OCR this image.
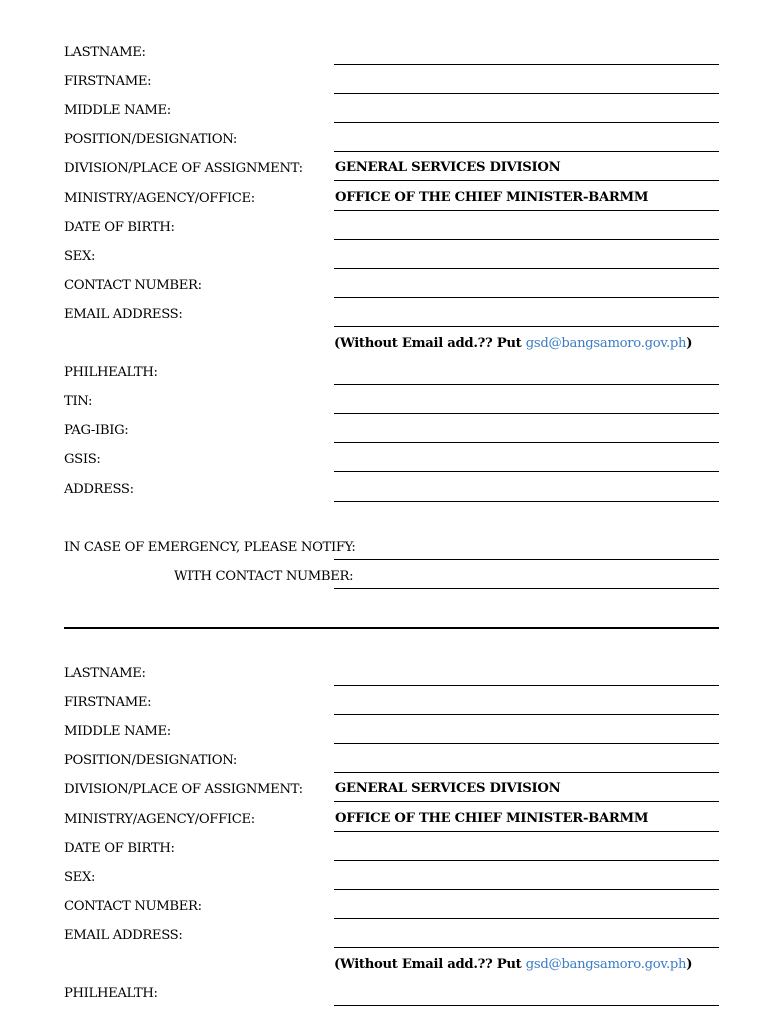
LASTNAME:
FIRSTNAME:
MIDDLE NAME:
POSITION/DESIGNATION:
DIVISION/PLACE OF ASSIGNMENT: GENERAL SERVICES DIVISION
MINISTRY/AGENCY/OFFICE:	OFFICE OF THE CHIEF MINISTER-BARMM
DATE OF BIRTH:
SEX:
CONTACT NUMBER:
EMAIL ADDRESS:
(Without Email add.?? Put gsd@bangsamoro.gov.ph)
PHILHEALTH:
TIN:
PAG-IBIG:
GSIS:
ADDRESS:
IN CASE OF EMERGENCY, PLEASE NOTIFY:
WITH CONTACT NUMBER:
LASTNAME:
FIRSTNAME:
MIDDLE NAME:
POSITION/DESIGNATION:
DIVISION/PLACE OF ASSIGNMENT: GENERAL SERVICES DIVISION
MINISTRY/AGENCY/OFFICE:	OFFICE OF THE CHIEF MINISTER-BARMM
DATE OF BIRTH:
SEX:
CONTACT NUMBER:
EMAIL ADDRESS:
(Without Email add.?? Put gsd@bangsamoro.gov.ph)
PHILHEALTH:
